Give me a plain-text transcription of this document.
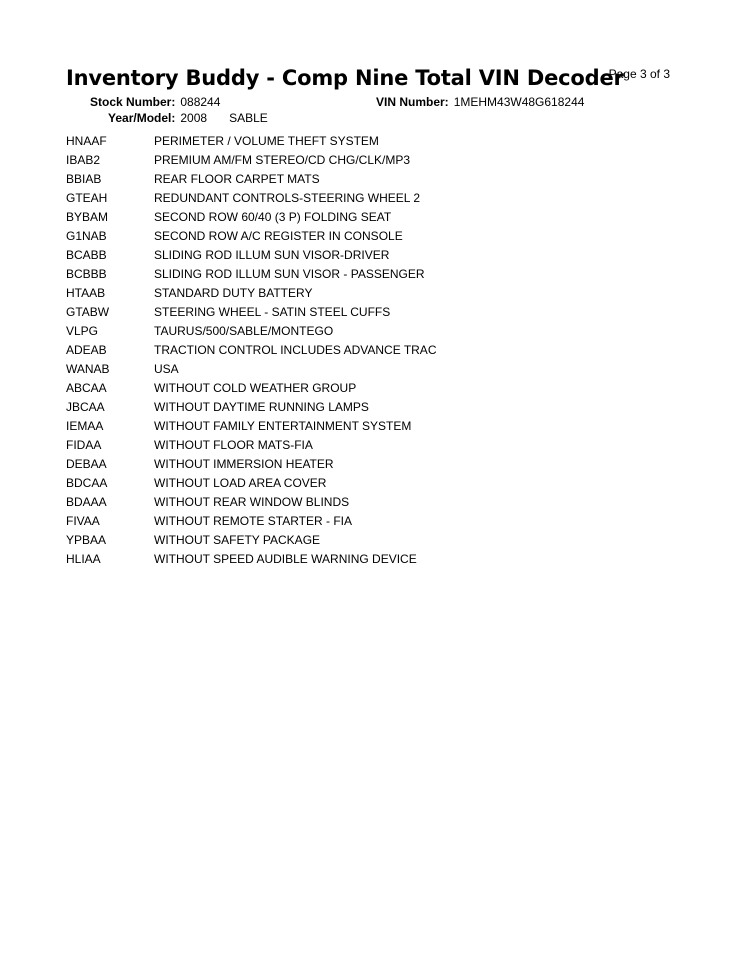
Inventory Buddy - Comp Nine Total VIN Decoder
Page 3 of 3
Stock Number: 088244	VIN Number: 1MEHM43W48G618244
Year/Model: 2008 SABLE
HNAAF	PERIMETER / VOLUME THEFT SYSTEM
IBAB2	PREMIUM AM/FM STEREO/CD CHG/CLK/MP3
BBIAB	REAR FLOOR CARPET MATS
GTEAH	REDUNDANT CONTROLS-STEERING WHEEL 2
BYBAM	SECOND ROW 60/40 (3 P) FOLDING SEAT
G1NAB	SECOND ROW A/C REGISTER IN CONSOLE
BCABB	SLIDING ROD ILLUM SUN VISOR-DRIVER
BCBBB	SLIDING ROD ILLUM SUN VISOR - PASSENGER
HTAAB	STANDARD DUTY BATTERY
GTABW	STEERING WHEEL - SATIN STEEL CUFFS
VLPG	TAURUS/500/SABLE/MONTEGO
ADEAB	TRACTION CONTROL INCLUDES ADVANCE TRAC
WANAB	USA
ABCAA	WITHOUT COLD WEATHER GROUP
JBCAA	WITHOUT DAYTIME RUNNING LAMPS
IEMAA	WITHOUT FAMILY ENTERTAINMENT SYSTEM
FIDAA	WITHOUT FLOOR MATS-FIA
DEBAA	WITHOUT IMMERSION HEATER
BDCAA	WITHOUT LOAD AREA COVER
BDAAA	WITHOUT REAR WINDOW BLINDS
FIVAA	WITHOUT REMOTE STARTER - FIA
YPBAA	WITHOUT SAFETY PACKAGE
HLIAA	WITHOUT SPEED AUDIBLE WARNING DEVICE
